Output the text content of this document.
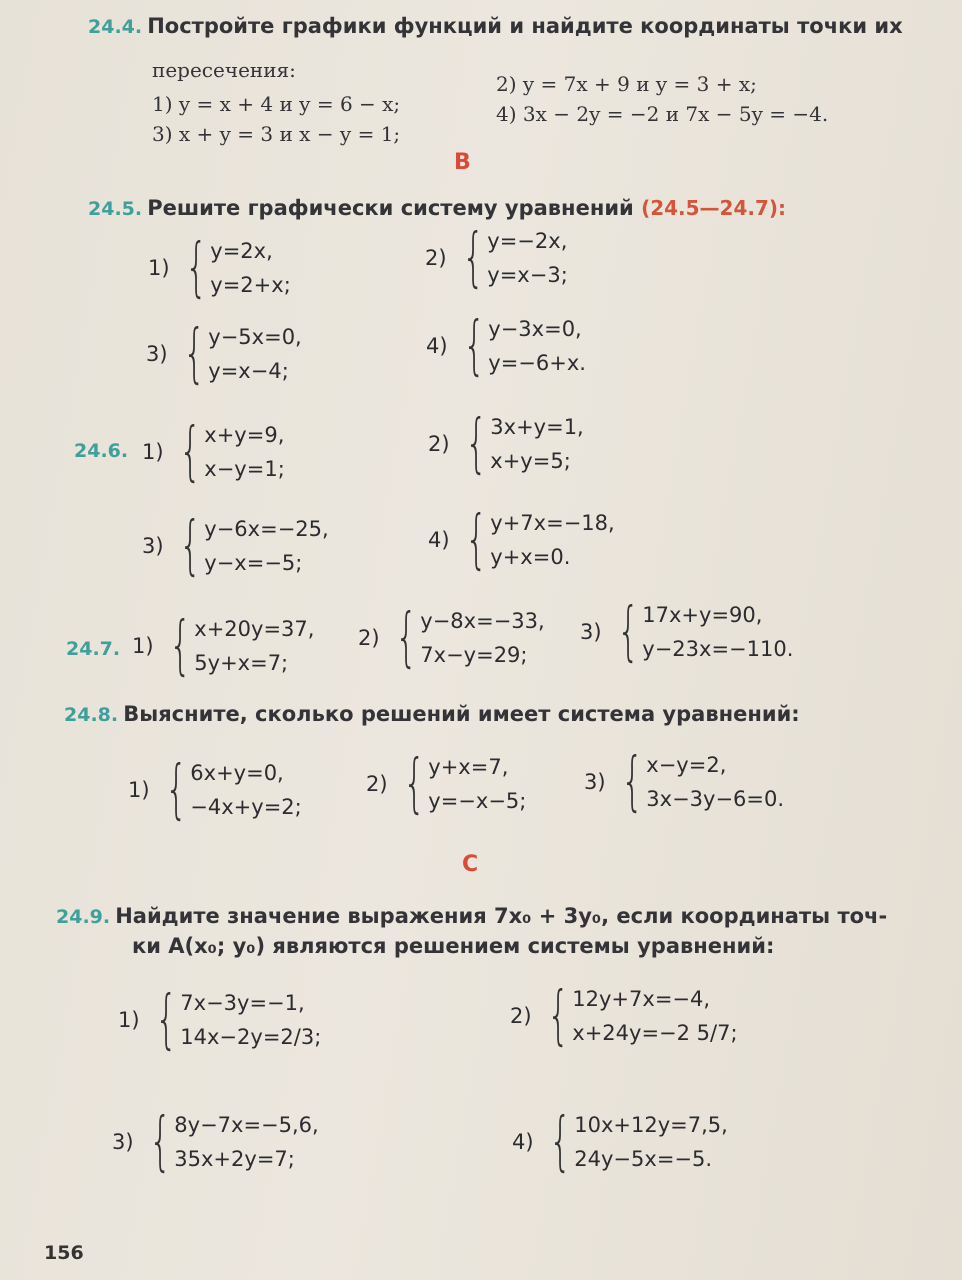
24.4. Постройте графики функций и найдите координаты точки их
пересечения:
1) y = x + 4 и y = 6 − x;
3) x + y = 3 и x − y = 1;
2) y = 7x + 9 и y = 3 + x;
4) 3x − 2y = −2 и 7x − 5y = −4.
B
24.5. Решите графически систему уравнений (24.5—24.7):
1) { y=2x,
y=2+x;
2) { y=−2x,
y=x−3;
3) { y−5x=0,
y=x−4;
4) { y−3x=0,
y=−6+x.
24.6. 1) { x+y=9,
x−y=1;
2) { 3x+y=1,
x+y=5;
3) { y−6x=−25,
y−x=−5;
4) { y+7x=−18,
y+x=0.
24.7. 1) { x+20y=37,
5y+x=7;
2) { y−8x=−33,
7x−y=29;
3) { 17x+y=90,
y−23x=−110.
24.8. Выясните, сколько решений имеет система уравнений:
1) { 6x+y=0,
−4x+y=2;
2) { y+x=7,
y=−x−5;
3) { x−y=2,
3x−3y−6=0.
C
24.9. Найдите значение выражения 7x₀ + 3y₀, если координаты точ-
ки A(x₀; y₀) являются решением системы уравнений:
1) { 7x−3y=−1,
14x−2y=2/3;
2) { 12y+7x=−4,
x+24y=−2 5/7;
3) { 8y−7x=−5,6,
35x+2y=7;
4) { 10x+12y=7,5,
24y−5x=−5.
156
